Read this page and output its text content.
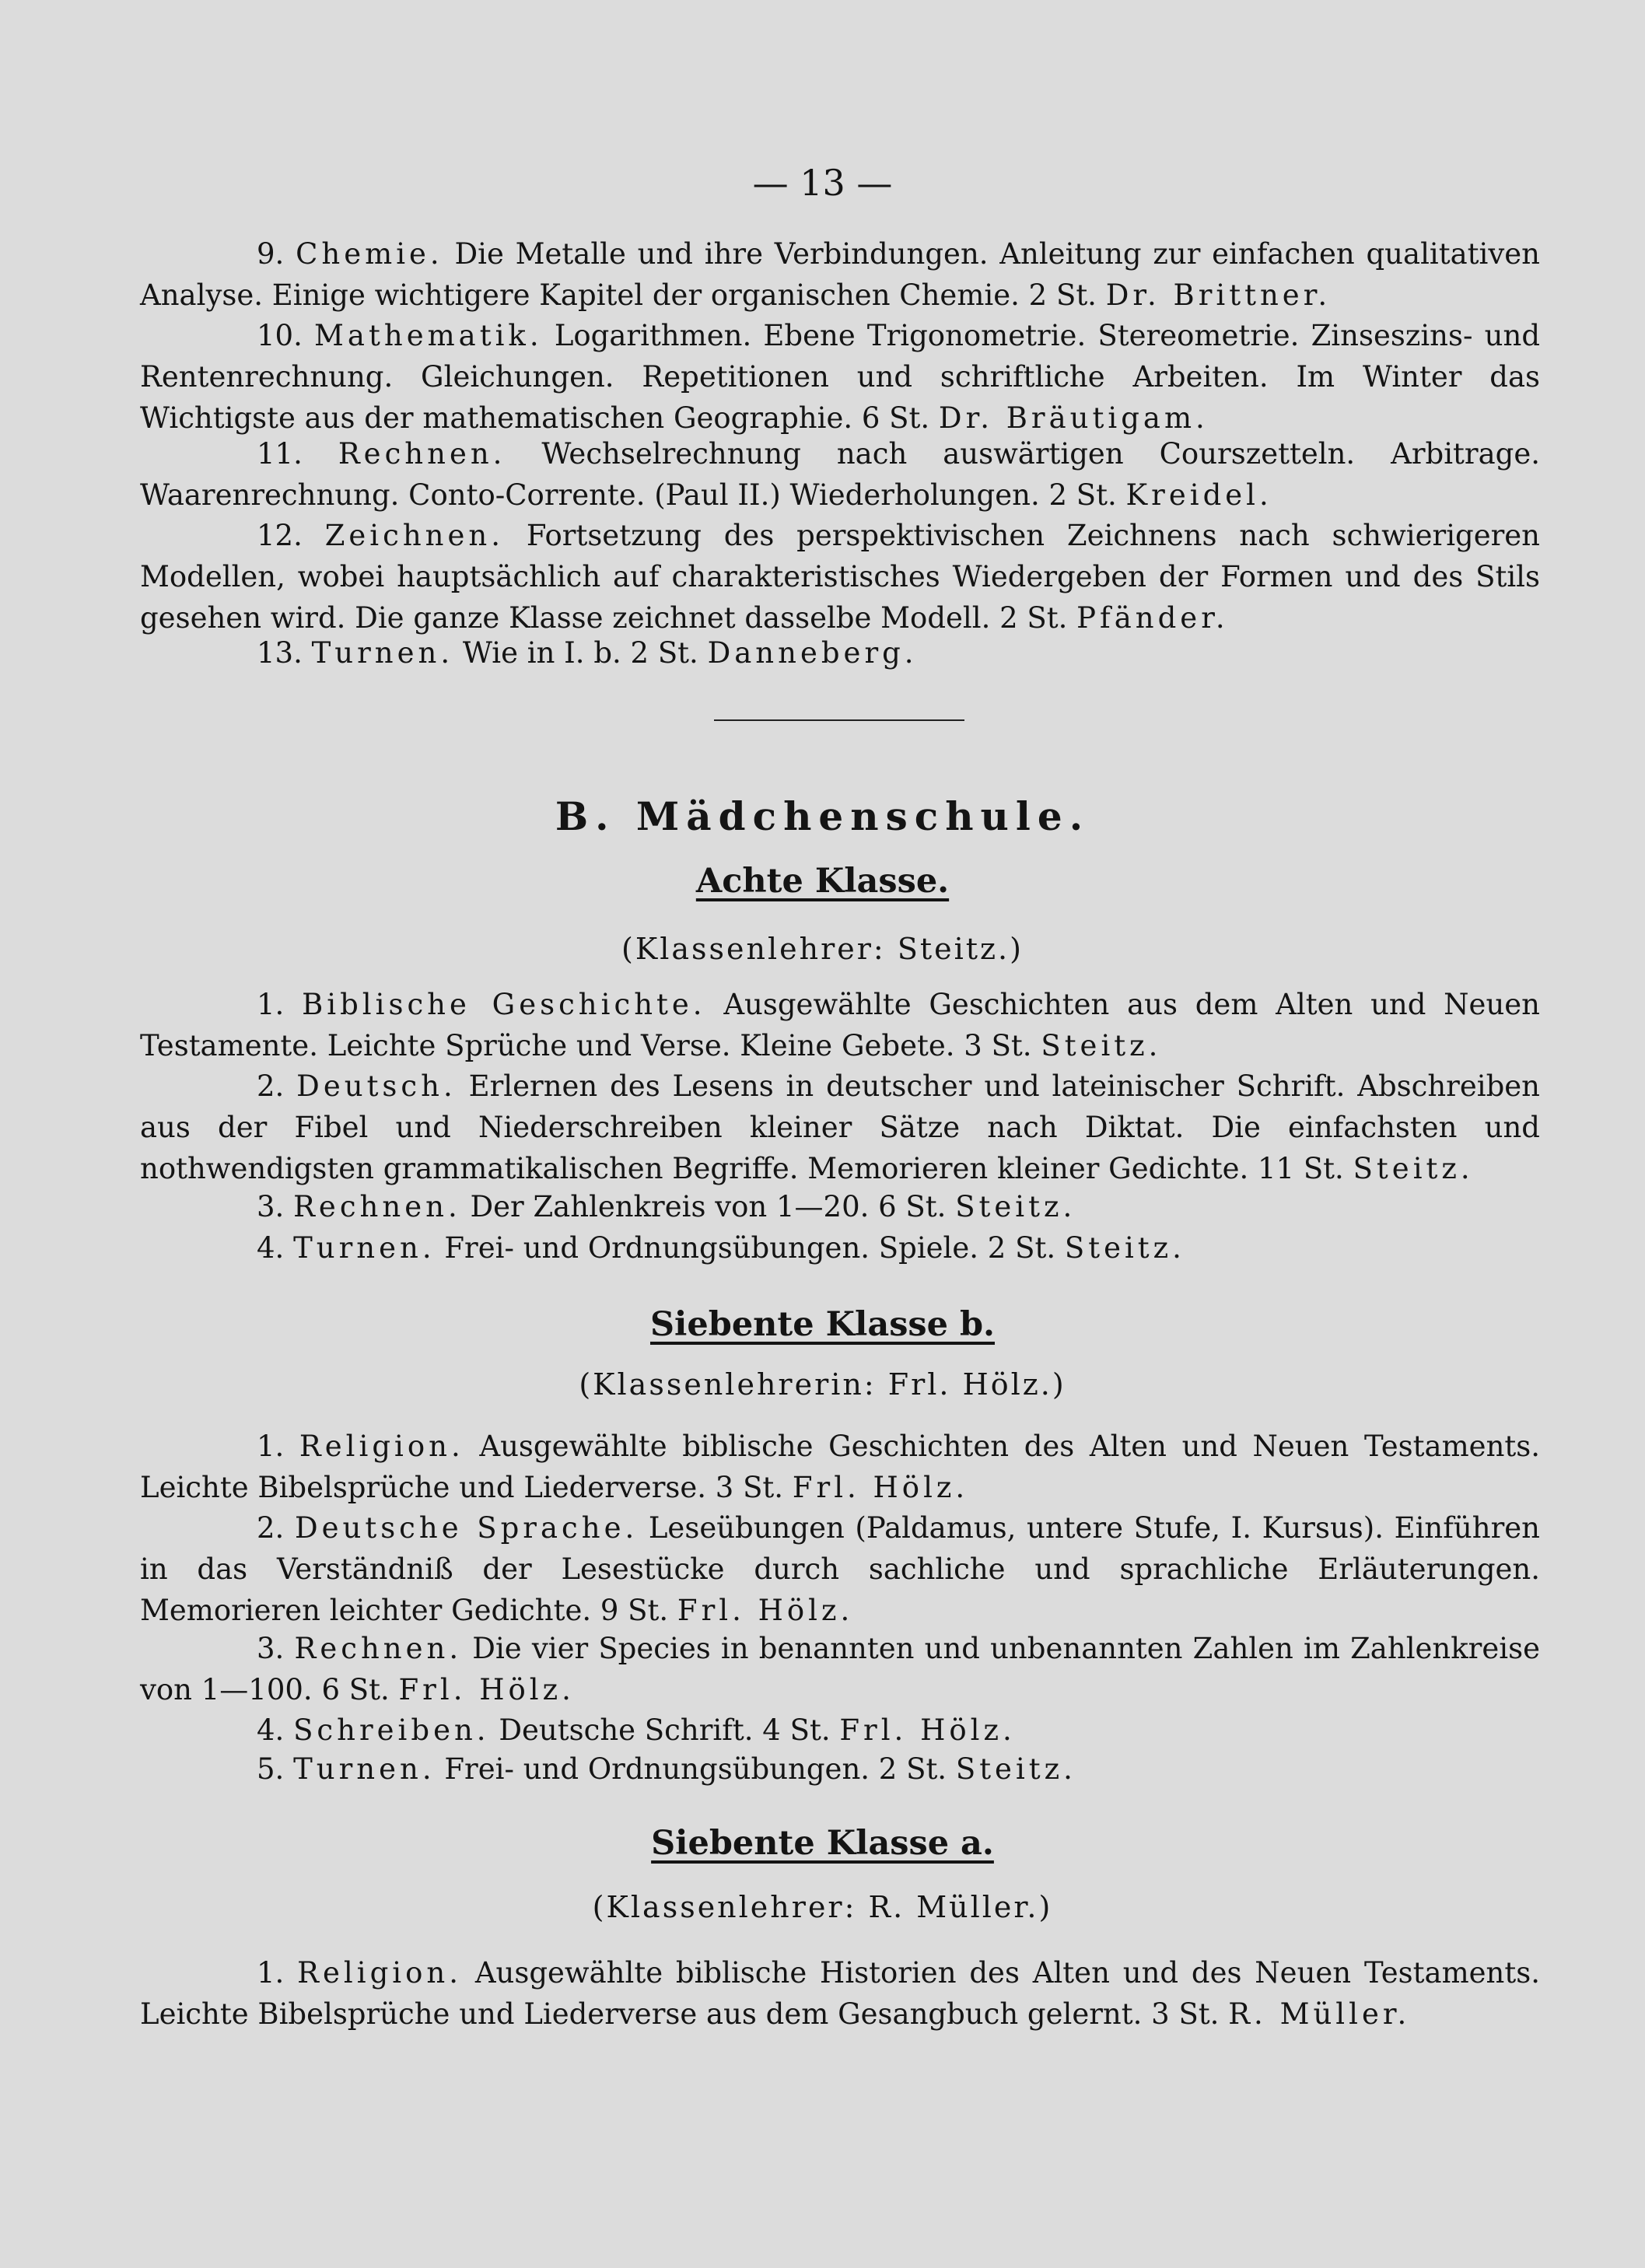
— 13 —

9. Chemie. Die Metalle und ihre Verbindungen. Anleitung zur einfachen qualitativen Analyse. Einige wichtigere Kapitel der organischen Chemie. 2 St. Dr. Brittner.

10. Mathematik. Logarithmen. Ebene Trigonometrie. Stereometrie. Zinseszins- und Rentenrechnung. Gleichungen. Repetitionen und schriftliche Arbeiten. Im Winter das Wichtigste aus der mathematischen Geographie. 6 St. Dr. Bräutigam.

11. Rechnen. Wechselrechnung nach auswärtigen Courszetteln. Arbitrage. Waarenrechnung. Conto-Corrente. (Paul II.) Wiederholungen. 2 St. Kreidel.

12. Zeichnen. Fortsetzung des perspektivischen Zeichnens nach schwierigeren Modellen, wobei hauptsächlich auf charakteristisches Wiedergeben der Formen und des Stils gesehen wird. Die ganze Klasse zeichnet dasselbe Modell. 2 St. Pfänder.

13. Turnen. Wie in I. b. 2 St. Danneberg.

B. Mädchenschule.
Achte Klasse.
(Klassenlehrer: Steitz.)

1. Biblische Geschichte. Ausgewählte Geschichten aus dem Alten und Neuen Testamente. Leichte Sprüche und Verse. Kleine Gebete. 3 St. Steitz.

2. Deutsch. Erlernen des Lesens in deutscher und lateinischer Schrift. Abschreiben aus der Fibel und Niederschreiben kleiner Sätze nach Diktat. Die einfachsten und nothwendigsten grammatikalischen Begriffe. Memorieren kleiner Gedichte. 11 St. Steitz.

3. Rechnen. Der Zahlenkreis von 1—20. 6 St. Steitz.

4. Turnen. Frei- und Ordnungsübungen. Spiele. 2 St. Steitz.

Siebente Klasse b.
(Klassenlehrerin: Frl. Hölz.)

1. Religion. Ausgewählte biblische Geschichten des Alten und Neuen Testaments. Leichte Bibelsprüche und Liederverse. 3 St. Frl. Hölz.

2. Deutsche Sprache. Leseübungen (Paldamus, untere Stufe, I. Kursus). Einführen in das Verständniß der Lesestücke durch sachliche und sprachliche Erläuterungen. Memorieren leichter Gedichte. 9 St. Frl. Hölz.

3. Rechnen. Die vier Species in benannten und unbenannten Zahlen im Zahlenkreise von 1—100. 6 St. Frl. Hölz.

4. Schreiben. Deutsche Schrift. 4 St. Frl. Hölz.

5. Turnen. Frei- und Ordnungsübungen. 2 St. Steitz.

Siebente Klasse a.
(Klassenlehrer: R. Müller.)

1. Religion. Ausgewählte biblische Historien des Alten und des Neuen Testaments. Leichte Bibelsprüche und Liederverse aus dem Gesangbuch gelernt. 3 St. R. Müller.
